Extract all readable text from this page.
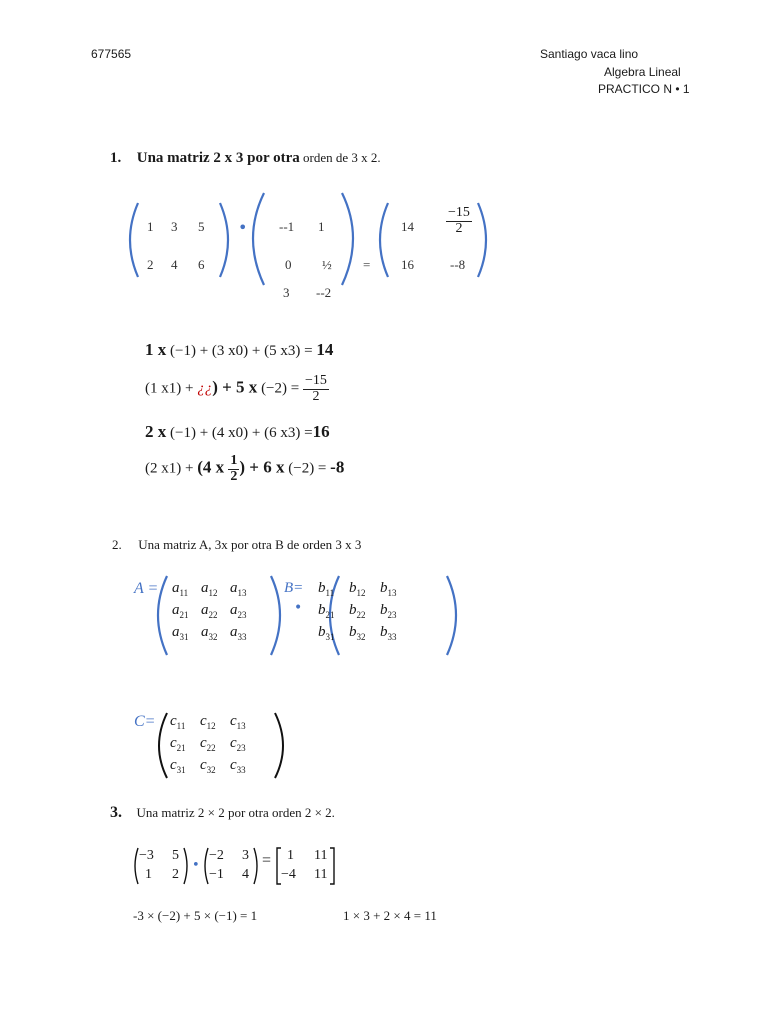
677565	Santiago vaca lino
Algebra Lineal
PRACTICO N • 1
1. Una matriz 2 x 3 por otra orden de 3 x 2.
1 3 5
2 4 6
• --1 1
0 ½
3 --2
=
$14 \frac{-15}{2}$
16	--8
1 x (−1) + (3 x0) + (5 x3) = 14
(1 x1) + ¿¿) + 5 x $(-2) = \frac{-15}{2}$
2 x (−1) + (4 x0) + (6 x3) =16
(2 x1) + (4 x $\frac{1}{2}$ ) + 6 x (−2) = -8
2. Una matriz A, 3x por otra B de orden 3 x 3
$A = a_{11}$ $a_{12}$ $a_{13}$
$a_{21}$ $a_{22}$ $a_{23}$
$a_{31}$ $a_{32}$ $a_{33}$
•
$B= b_{11}$ $b_{12}$ $b_{13}$
$b_{21}$ $b_{22}$ $b_{23}$
$b_{31}$ $b_{32}$ $b_{33}$
$C= c_{11}$ $c_{12}$ $c_{13}$
$c_{21}$ $c_{22}$ $c_{23}$
$c_{31}$ $c_{32}$ $c_{33}$
3. Una matriz 2 × 2 por otra orden 2 × 2.
−3 5
1 2
•
−2 3
−1 4
= 1 11
−4 11
-3 × (−2) + 5 × (−1) = 1	1 × 3 + 2 × 4 = 11
